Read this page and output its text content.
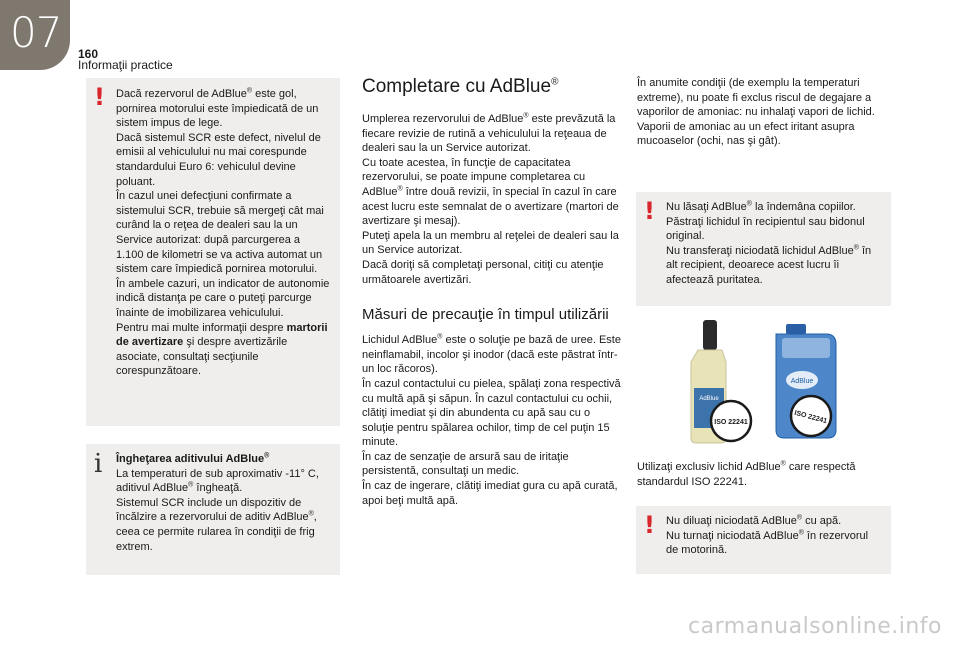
07 160
Informaţii practice
! Dacă rezervorul de AdBlue® este gol, pornirea motorului este împiedicată de un sistem impus de lege.

Dacă sistemul SCR este defect, nivelul de emisii al vehiculului nu mai corespunde standardului Euro 6: vehiculul devine poluant.

În cazul unei defecţiuni confirmate a sistemului SCR, trebuie să mergeţi cât mai curând la o reţea de dealeri sau la un Service autorizat: după parcurgerea a 1.100 de kilometri se va activa automat un sistem care împiedică pornirea motorului.

În ambele cazuri, un indicator de autonomie indică distanţa pe care o puteţi parcurge înainte de imobilizarea vehiculului.

Pentru mai multe informaţii despre martorii de avertizare şi despre avertizările asociate, consultaţi secţiunile corespunzătoare.

i Îngheţarea aditivului AdBlue®

La temperaturi de sub aproximativ -11° C, aditivul AdBlue® îngheaţă.

Sistemul SCR include un dispozitiv de încălzire a rezervorului de aditiv AdBlue®, ceea ce permite rularea în condiţii de frig extrem.

Completare cu AdBlue®

Umplerea rezervorului de AdBlue® este prevăzută la fiecare revizie de rutină a vehiculului la reţeaua de dealeri sau la un Service autorizat.

Cu toate acestea, în funcţie de capacitatea rezervorului, se poate impune completarea cu AdBlue® între două revizii, în special în cazul în care acest lucru este semnalat de o avertizare (martori de avertizare şi mesaj).

Puteţi apela la un membru al reţelei de dealeri sau la un Service autorizat.

Dacă doriţi să completaţi personal, citiţi cu atenţie următoarele avertizări.

Măsuri de precauţie în timpul utilizării

Lichidul AdBlue® este o soluţie pe bază de uree. Este neinflamabil, incolor şi inodor (dacă este păstrat într-un loc răcoros).

În cazul contactului cu pielea, spălaţi zona respectivă cu multă apă şi săpun. În cazul contactului cu ochii, clătiţi imediat şi din abundenta cu apă sau cu o soluţie pentru spălarea ochilor, timp de cel puţin 15 minute.

În caz de senzaţie de arsură sau de iritaţie persistentă, consultaţi un medic.

În caz de ingerare, clătiţi imediat gura cu apă curată, apoi beţi multă apă.

În anumite condiţii (de exemplu la temperaturi extreme), nu poate fi exclus riscul de degajare a vaporilor de amoniac: nu inhalaţi vapori de lichid. Vaporii de amoniac au un efect iritant asupra mucoaselor (ochi, nas şi gât).
! Nu lăsaţi AdBlue® la îndemâna copiilor.

Păstraţi lichidul în recipientul sau bidonul original.

Nu transferaţi niciodată lichidul AdBlue® în alt recipient, deoarece acest lucru îi afectează puritatea.

AdBlue
AdBlue
ISO 22241	ISO 22241
Utilizaţi exclusiv lichid AdBlue® care respectă standardul ISO 22241.
! Nu diluaţi niciodată AdBlue® cu apă.

Nu turnaţi niciodată AdBlue® în rezervorul de motorină.

carmanualsonline.info
